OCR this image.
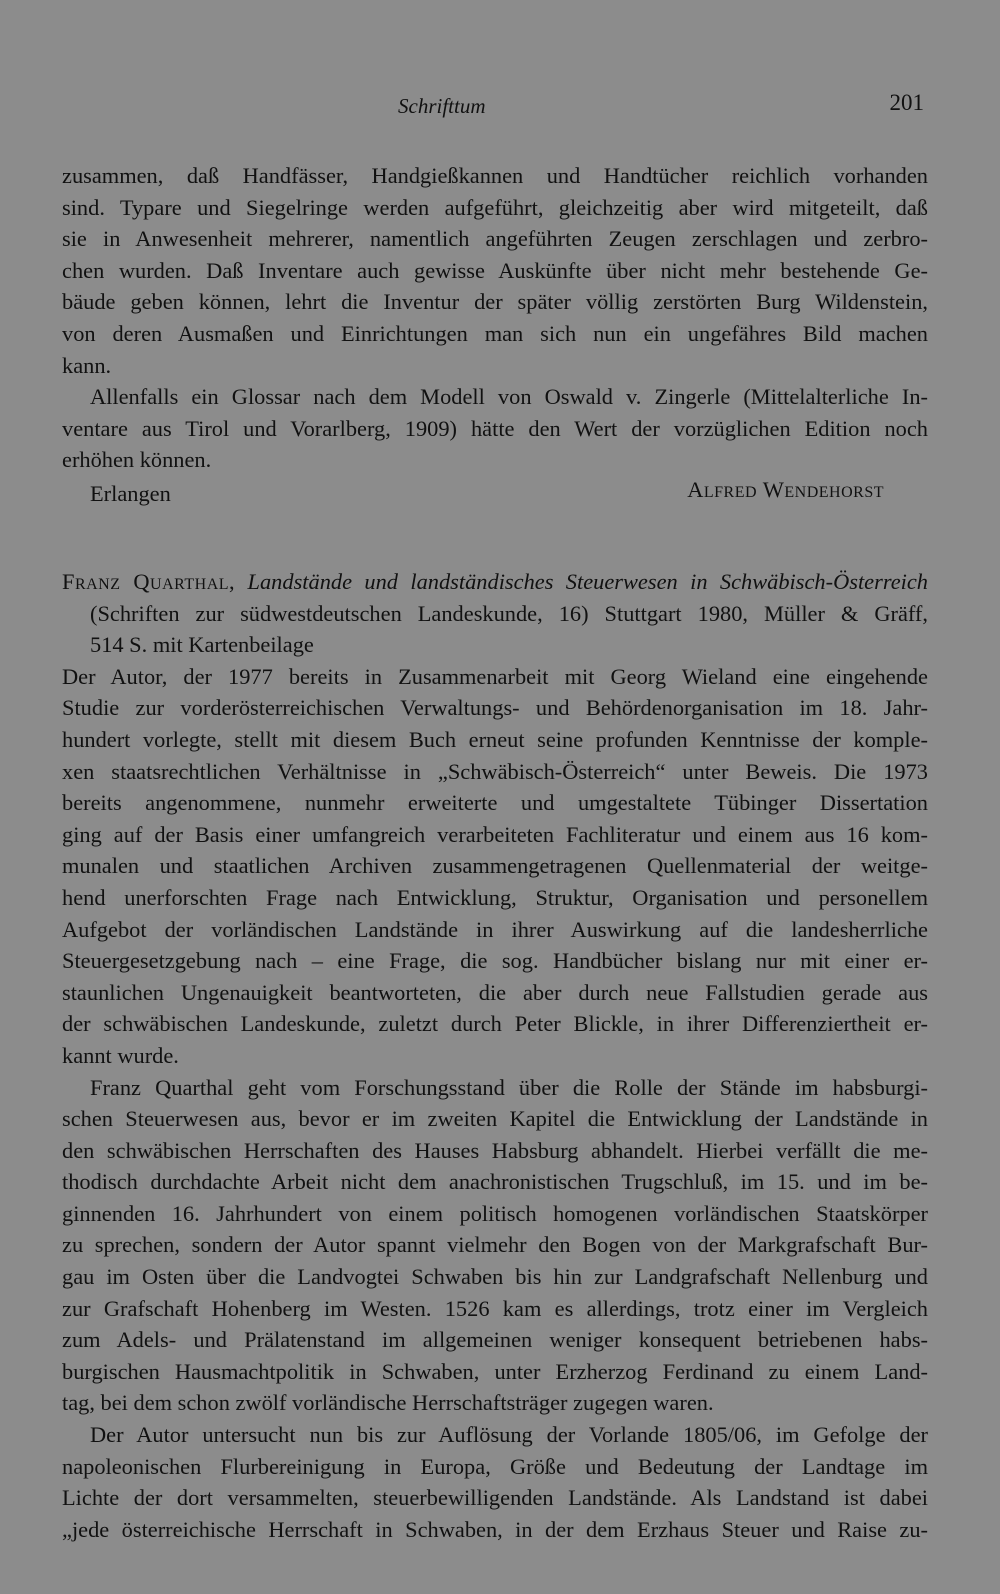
Schrifttum	201
zusammen, daß Handfässer, Handgießkannen und Handtücher reichlich vorhanden
sind. Typare und Siegelringe werden aufgeführt, gleichzeitig aber wird mitgeteilt, daß
sie in Anwesenheit mehrerer, namentlich angeführten Zeugen zerschlagen und zerbro-
chen wurden. Daß Inventare auch gewisse Auskünfte über nicht mehr bestehende Ge-
bäude geben können, lehrt die Inventur der später völlig zerstörten Burg Wildenstein,
von deren Ausmaßen und Einrichtungen man sich nun ein ungefähres Bild machen
kann.
Allenfalls ein Glossar nach dem Modell von Oswald v. Zingerle (Mittelalterliche In-
ventare aus Tirol und Vorarlberg, 1909) hätte den Wert der vorzüglichen Edition noch
erhöhen können.
Erlangen	Alfred Wendehorst
Franz Quarthal, Landstände und landständisches Steuerwesen in Schwäbisch-Österreich
(Schriften zur südwestdeutschen Landeskunde, 16) Stuttgart 1980, Müller & Gräff,
514 S. mit Kartenbeilage
Der Autor, der 1977 bereits in Zusammenarbeit mit Georg Wieland eine eingehende
Studie zur vorderösterreichischen Verwaltungs- und Behördenorganisation im 18. Jahr-
hundert vorlegte, stellt mit diesem Buch erneut seine profunden Kenntnisse der komple-
xen staatsrechtlichen Verhältnisse in „Schwäbisch-Österreich“ unter Beweis. Die 1973
bereits angenommene, nunmehr erweiterte und umgestaltete Tübinger Dissertation
ging auf der Basis einer umfangreich verarbeiteten Fachliteratur und einem aus 16 kom-
munalen und staatlichen Archiven zusammengetragenen Quellenmaterial der weitge-
hend unerforschten Frage nach Entwicklung, Struktur, Organisation und personellem
Aufgebot der vorländischen Landstände in ihrer Auswirkung auf die landesherrliche
Steuergesetzgebung nach – eine Frage, die sog. Handbücher bislang nur mit einer er-
staunlichen Ungenauigkeit beantworteten, die aber durch neue Fallstudien gerade aus
der schwäbischen Landeskunde, zuletzt durch Peter Blickle, in ihrer Differenziertheit er-
kannt wurde.
Franz Quarthal geht vom Forschungsstand über die Rolle der Stände im habsburgi-
schen Steuerwesen aus, bevor er im zweiten Kapitel die Entwicklung der Landstände in
den schwäbischen Herrschaften des Hauses Habsburg abhandelt. Hierbei verfällt die me-
thodisch durchdachte Arbeit nicht dem anachronistischen Trugschluß, im 15. und im be-
ginnenden 16. Jahrhundert von einem politisch homogenen vorländischen Staatskörper
zu sprechen, sondern der Autor spannt vielmehr den Bogen von der Markgrafschaft Bur-
gau im Osten über die Landvogtei Schwaben bis hin zur Landgrafschaft Nellenburg und
zur Grafschaft Hohenberg im Westen. 1526 kam es allerdings, trotz einer im Vergleich
zum Adels- und Prälatenstand im allgemeinen weniger konsequent betriebenen habs-
burgischen Hausmachtpolitik in Schwaben, unter Erzherzog Ferdinand zu einem Land-
tag, bei dem schon zwölf vorländische Herrschaftsträger zugegen waren.
Der Autor untersucht nun bis zur Auflösung der Vorlande 1805/06, im Gefolge der
napoleonischen Flurbereinigung in Europa, Größe und Bedeutung der Landtage im
Lichte der dort versammelten, steuerbewilligenden Landstände. Als Landstand ist dabei
„jede österreichische Herrschaft in Schwaben, in der dem Erzhaus Steuer und Raise zu-
